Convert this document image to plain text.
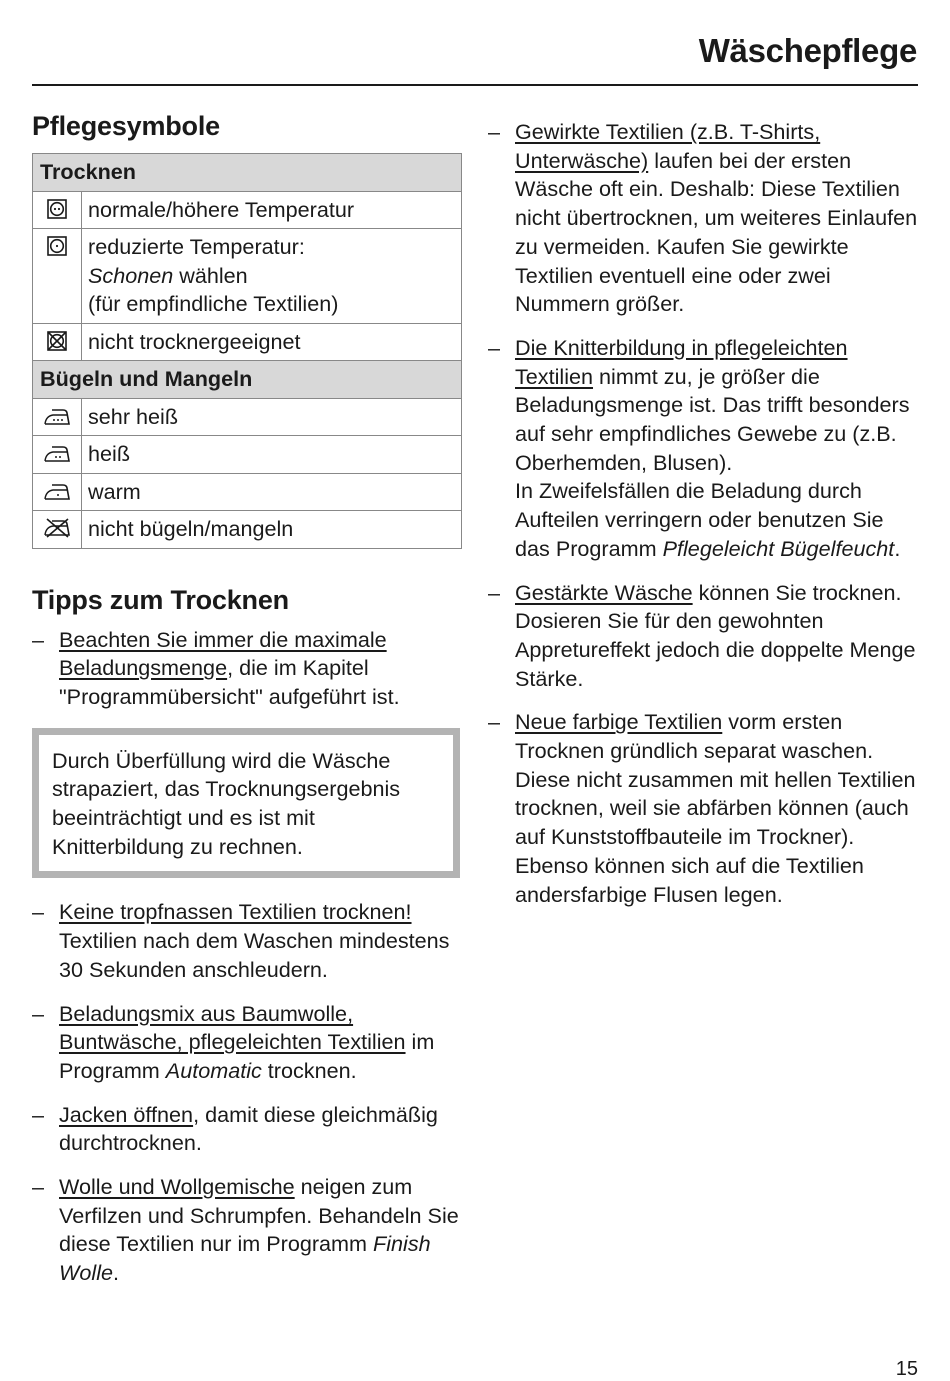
Wäschepflege
Pflegesymbole
Trocknen	
	normale/höhere Temperatur

reduzierte Temperatur:
Schonen wählen
(für empfindliche Textilien)

	nicht trocknergeeignet
Bügeln und Mangeln	
	sehr heiß
	heiß
	warm
	nicht bügeln/mangeln
Tipps zum Trocknen
– Beachten Sie immer die maximale Beladungsmenge, die im Kapitel "Programmübersicht" aufgeführt ist.
Durch Überfüllung wird die Wäsche strapaziert, das Trocknungsergebnis beeinträchtigt und es ist mit Knitterbildung zu rechnen.
– Keine tropfnassen Textilien trocknen! Textilien nach dem Waschen mindestens 30 Sekunden anschleudern.
– Beladungsmix aus Baumwolle, Buntwäsche, pflegeleichten Textilien im Programm Automatic trocknen.
– Jacken öffnen, damit diese gleichmäßig durchtrocknen.
– Wolle und Wollgemische neigen zum Verfilzen und Schrumpfen. Behandeln Sie diese Textilien nur im Programm Finish Wolle.
– Gewirkte Textilien (z.B. T-Shirts, Unterwäsche) laufen bei der ersten Wäsche oft ein. Deshalb: Diese Textilien nicht übertrocknen, um weiteres Einlaufen zu vermeiden. Kaufen Sie gewirkte Textilien eventuell eine oder zwei Nummern größer.
– Die Knitterbildung in pflegeleichten Textilien nimmt zu, je größer die Beladungsmenge ist. Das trifft besonders auf sehr empfindliches Gewebe zu (z.B. Oberhemden, Blusen).
In Zweifelsfällen die Beladung durch Aufteilen verringern oder benutzen Sie das Programm Pflegeleicht Bügelfeucht.
– Gestärkte Wäsche können Sie trocknen. Dosieren Sie für den gewohnten Appretureffekt jedoch die doppelte Menge Stärke.
– Neue farbige Textilien vorm ersten Trocknen gründlich separat waschen. Diese nicht zusammen mit hellen Textilien trocknen, weil sie abfärben können (auch auf Kunststoffbauteile im Trockner). Ebenso können sich auf die Textilien andersfarbige Flusen legen.
15
